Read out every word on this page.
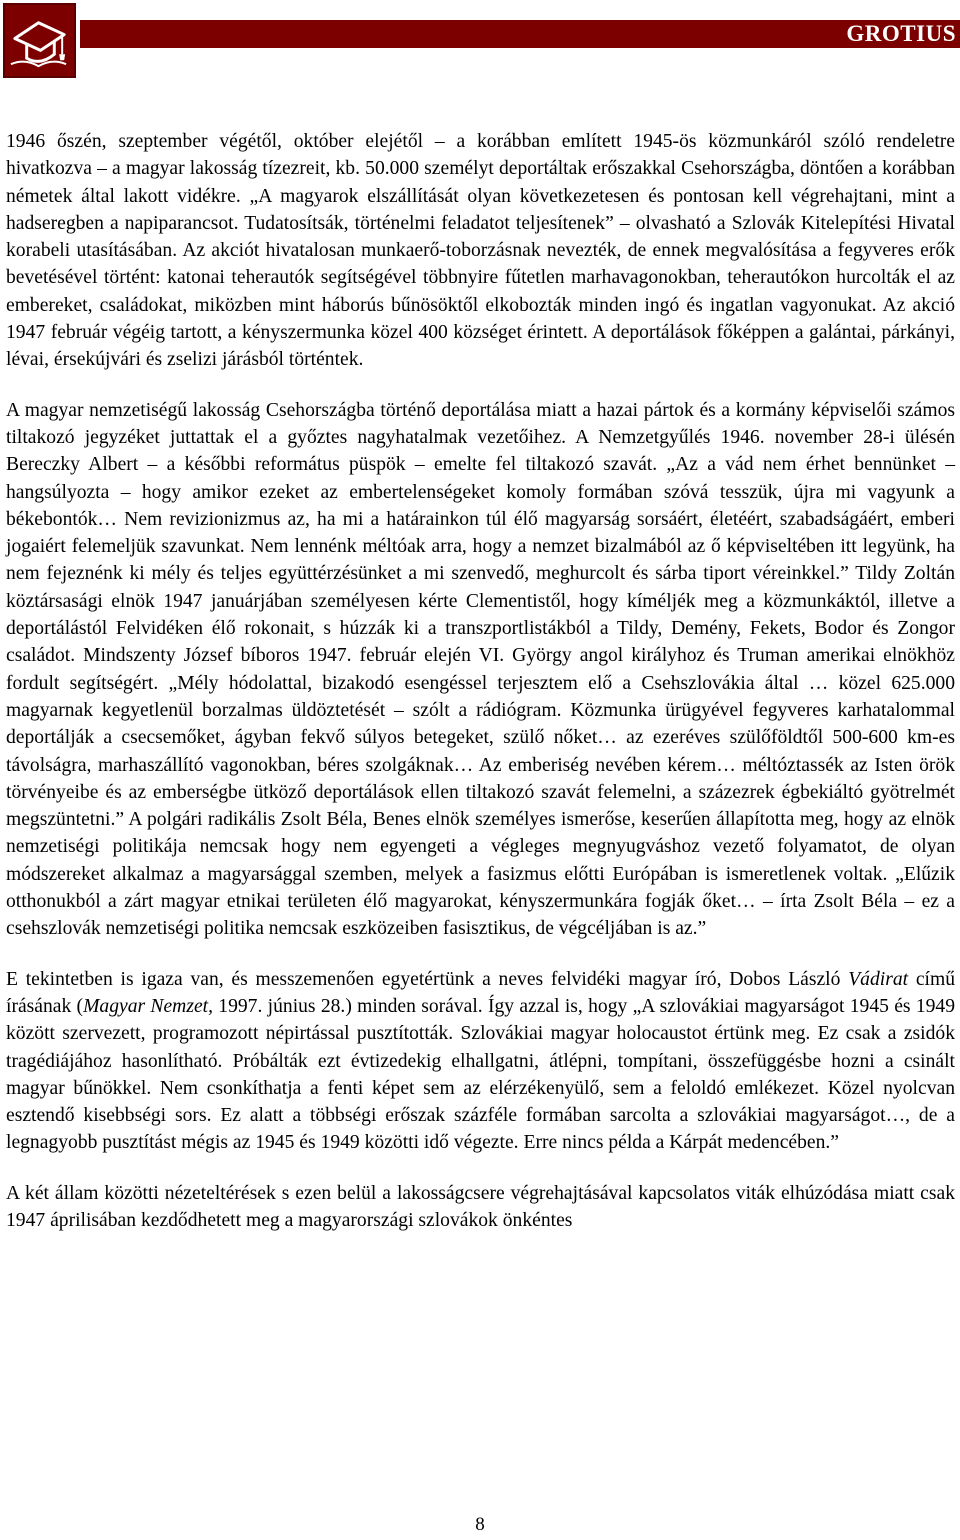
GROTIUS

1946 őszén, szeptember végétől, október elejétől – a korábban említett 1945-ös közmunkáról szóló rendeletre hivatkozva – a magyar lakosság tízezreit, kb. 50.000 személyt deportáltak erőszakkal Csehországba, döntően a korábban németek által lakott vidékre. „A magyarok elszállítását olyan következetesen és pontosan kell végrehajtani, mint a hadseregben a napiparancsot. Tudatosítsák, történelmi feladatot teljesítenek” – olvasható a Szlovák Kitelepítési Hivatal korabeli utasításában. Az akciót hivatalosan munkaerő-toborzásnak nevezték, de ennek megvalósítása a fegyveres erők bevetésével történt: katonai teherautók segítségével többnyire fűtetlen marhavagonokban, teherautókon hurcolták el az embereket, családokat, miközben mint háborús bűnösöktől elkobozták minden ingó és ingatlan vagyonukat. Az akció 1947 február végéig tartott, a kényszermunka közel 400 községet érintett. A deportálások főképpen a galántai, párkányi, lévai, érsekújvári és zselizi járásból történtek.

A magyar nemzetiségű lakosság Csehországba történő deportálása miatt a hazai pártok és a kormány képviselői számos tiltakozó jegyzéket juttattak el a győztes nagyhatalmak vezetőihez. A Nemzetgyűlés 1946. november 28-i ülésén Bereczky Albert – a későbbi református püspök – emelte fel tiltakozó szavát. „Az a vád nem érhet bennünket – hangsúlyozta – hogy amikor ezeket az embertelenségeket komoly formában szóvá tesszük, újra mi vagyunk a békebontók… Nem revizionizmus az, ha mi a határainkon túl élő magyarság sorsáért, életéért, szabadságáért, emberi jogaiért felemeljük szavunkat. Nem lennénk méltóak arra, hogy a nemzet bizalmából az ő képviseltében itt legyünk, ha nem fejeznénk ki mély és teljes együttérzésünket a mi szenvedő, meghurcolt és sárba tiport véreinkkel.” Tildy Zoltán köztársasági elnök 1947 januárjában személyesen kérte Clementistől, hogy kíméljék meg a közmunkáktól, illetve a deportálástól Felvidéken élő rokonait, s húzzák ki a transzportlistákból a Tildy, Demény, Fekets, Bodor és Zongor családot. Mindszenty József bíboros 1947. február elején VI. György angol királyhoz és Truman amerikai elnökhöz fordult segítségért. „Mély hódolattal, bizakodó esengéssel terjesztem elő a Csehszlovákia által … közel 625.000 magyarnak kegyetlenül borzalmas üldöztetését – szólt a rádiógram. Közmunka ürügyével fegyveres karhatalommal deportálják a csecsemőket, ágyban fekvő súlyos betegeket, szülő nőket… az ezeréves szülőföldtől 500-600 km-es távolságra, marhaszállító vagonokban, béres szolgáknak… Az emberiség nevében kérem… méltóztassék az Isten örök törvényeibe és az emberségbe ütköző deportálások ellen tiltakozó szavát felemelni, a százezrek égbekiáltó gyötrelmét megszüntetni.” A polgári radikális Zsolt Béla, Benes elnök személyes ismerőse, keserűen állapította meg, hogy az elnök nemzetiségi politikája nemcsak hogy nem egyengeti a végleges megnyugváshoz vezető folyamatot, de olyan módszereket alkalmaz a magyarsággal szemben, melyek a fasizmus előtti Európában is ismeretlenek voltak. „Elűzik otthonukból a zárt magyar etnikai területen élő magyarokat, kényszermunkára fogják őket… – írta Zsolt Béla – ez a csehszlovák nemzetiségi politika nemcsak eszközeiben fasisztikus, de végcéljában is az.”

E tekintetben is igaza van, és messzemenően egyetértünk a neves felvidéki magyar író, Dobos László Vádirat című írásának (Magyar Nemzet, 1997. június 28.) minden sorával. Így azzal is, hogy „A szlovákiai magyarságot 1945 és 1949 között szervezett, programozott népirtással pusztították. Szlovákiai magyar holocaustot értünk meg. Ez csak a zsidók tragédiájához hasonlítható. Próbálták ezt évtizedekig elhallgatni, átlépni, tompítani, összefüggésbe hozni a csinált magyar bűnökkel. Nem csonkíthatja a fenti képet sem az elérzékenyülő, sem a feloldó emlékezet. Közel nyolcvan esztendő kisebbségi sors. Ez alatt a többségi erőszak százféle formában sarcolta a szlovákiai magyarságot…, de a legnagyobb pusztítást mégis az 1945 és 1949 közötti idő végezte. Erre nincs példa a Kárpát medencében.”

A két állam közötti nézeteltérések s ezen belül a lakosságcsere végrehajtásával kapcsolatos viták elhúzódása miatt csak 1947 áprilisában kezdődhetett meg a magyarországi szlovákok önkéntes

8
